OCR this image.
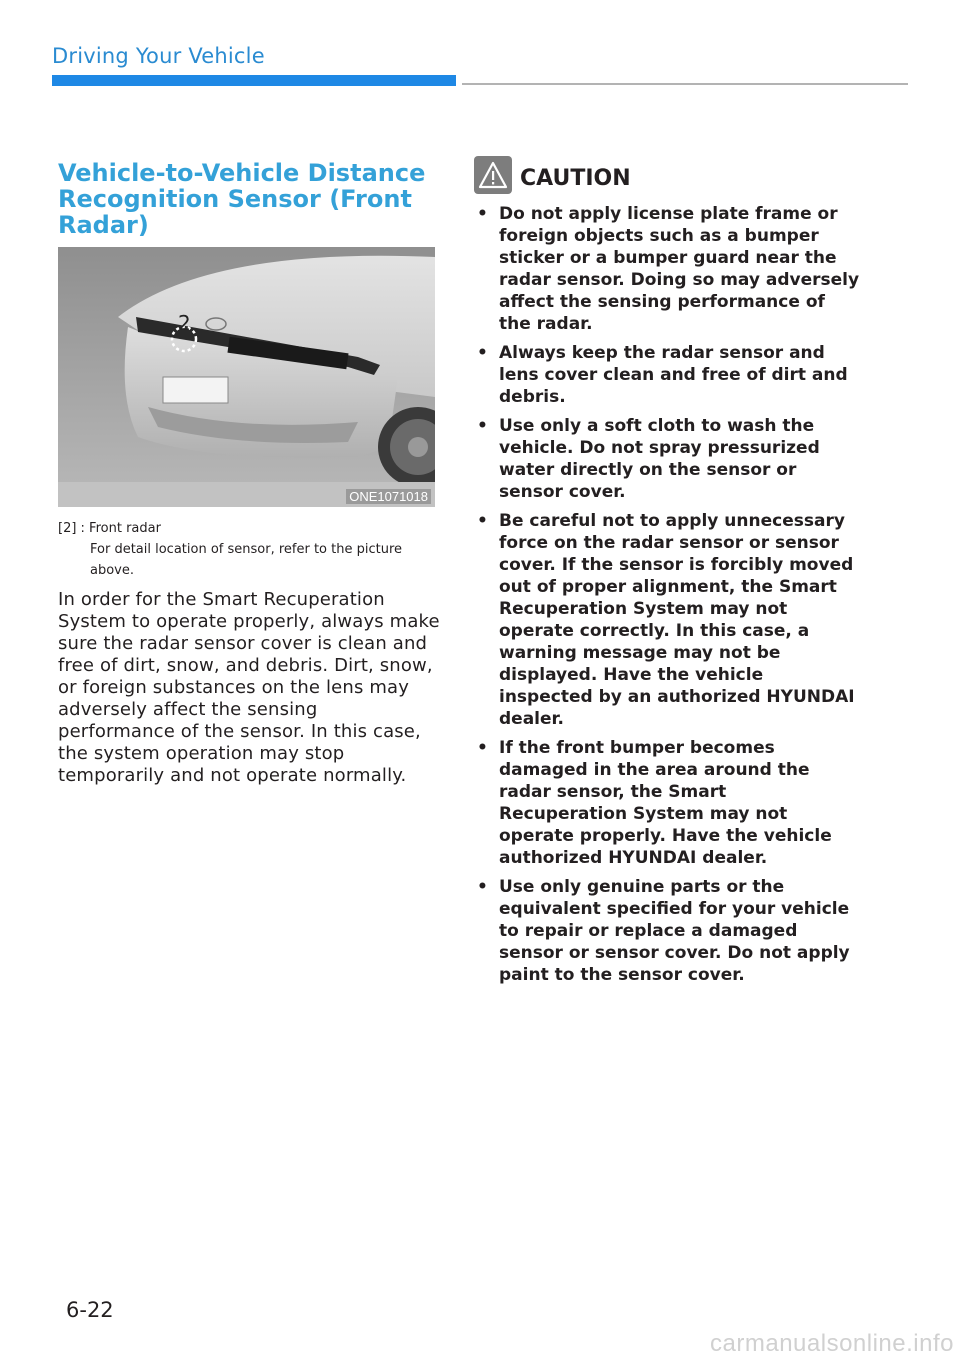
Driving Your Vehicle
Vehicle-to-Vehicle Distance Recognition Sensor (Front Radar)
2
ONE1071018
[2] : Front radar
For detail location of sensor, refer to the picture above.
In order for the Smart Recuperation System to operate properly, always make sure the radar sensor cover is clean and free of dirt, snow, and debris. Dirt, snow, or foreign substances on the lens may adversely affect the sensing performance of the sensor. In this case, the system operation may stop temporarily and not operate normally.
CAUTION
• Do not apply license plate frame or foreign objects such as a bumper sticker or a bumper guard near the radar sensor. Doing so may adversely affect the sensing performance of the radar.
• Always keep the radar sensor and lens cover clean and free of dirt and debris.
• Use only a soft cloth to wash the vehicle. Do not spray pressurized water directly on the sensor or sensor cover.
• Be careful not to apply unnecessary force on the radar sensor or sensor cover. If the sensor is forcibly moved out of proper alignment, the Smart Recuperation System may not operate correctly. In this case, a warning message may not be displayed. Have the vehicle inspected by an authorized HYUNDAI dealer.
• If the front bumper becomes damaged in the area around the radar sensor, the Smart Recuperation System may not operate properly. Have the vehicle authorized HYUNDAI dealer.
• Use only genuine parts or the equivalent specified for your vehicle to repair or replace a damaged sensor or sensor cover. Do not apply paint to the sensor cover.
6-22
carmanualsonline.info
